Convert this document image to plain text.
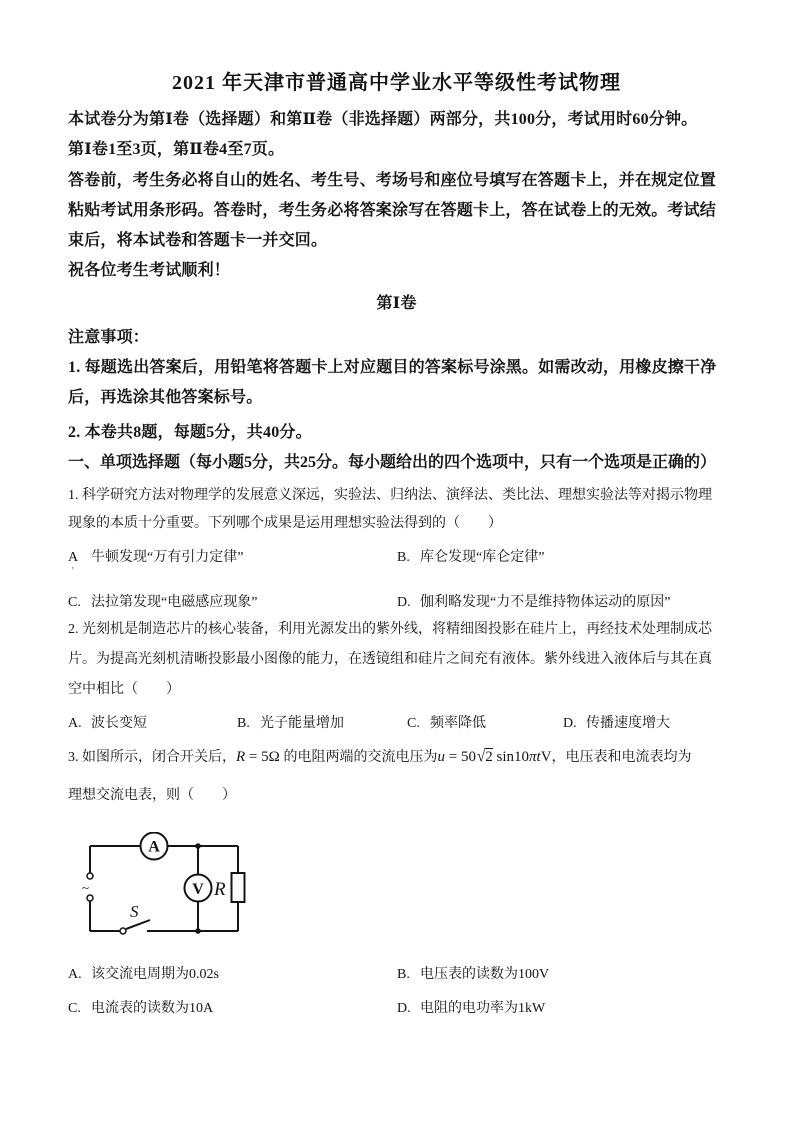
2021 年天津市普通高中学业水平等级性考试物理
本试卷分为第Ⅰ卷（选择题）和第Ⅱ卷（非选择题）两部分，共100分，考试用时60分钟。
第Ⅰ卷1至3页，第Ⅱ卷4至7页。
答卷前，考生务必将自山的姓名、考生号、考场号和座位号填写在答题卡上，并在规定位置
粘贴考试用条形码。答卷时，考生务必将答案涂写在答题卡上，答在试卷上的无效。考试结
束后，将本试卷和答题卡一并交回。
祝各位考生考试顺利！
第Ⅰ卷
注意事项：
1. 每题选出答案后，用铅笔将答题卡上对应题目的答案标号涂黑。如需改动，用橡皮擦干净
后，再选涂其他答案标号。
2. 本卷共8题，每题5分，共40分。
一、单项选择题（每小题5分，共25分。每小题给出的四个选项中，只有一个选项是正确的）
1. 科学研究方法对物理学的发展意义深远，实验法、归纳法、演绎法、类比法、理想实验法等对揭示物理
现象的本质十分重要。下列哪个成果是运用理想实验法得到的（　　）
A 牛顿发现“万有引力定律”	B. 库仑发现“库仑定律”
'
C. 法拉第发现“电磁感应现象”	D. 伽利略发现“力不是维持物体运动的原因”
2. 光刻机是制造芯片的核心装备，利用光源发出的紫外线，将精细图投影在硅片上，再经技术处理制成芯
片。为提高光刻机清晰投影最小图像的能力，在透镜组和硅片之间充有液体。紫外线进入液体后与其在真
空中相比（　　）
A. 波长变短	B. 光子能量增加	C. 频率降低	D. 传播速度增大
3. 如图所示，闭合开关后，R = 5Ω 的电阻两端的交流电压为u = 50√2 sin10πtV，电压表和电流表均为
理想交流电表，则（　　）
A
V R
S
~
A. 该交流电周期为0.02s	B. 电压表的读数为100V
C. 电流表的读数为10A	D. 电阻的电功率为1kW
